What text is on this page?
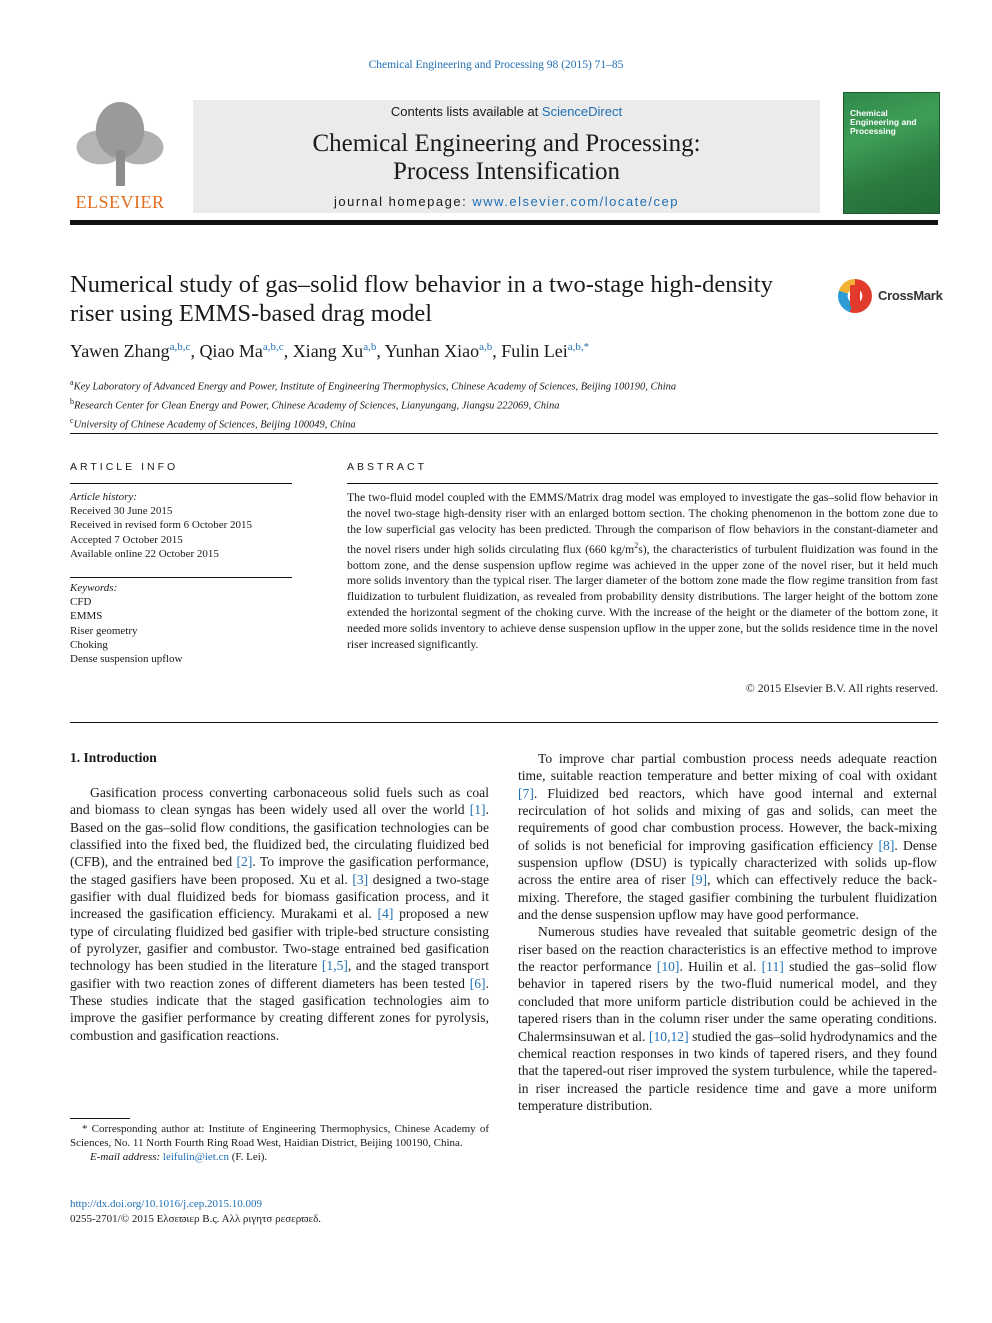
Chemical Engineering and Processing 98 (2015) 71–85
ELSEVIER
Contents lists available at ScienceDirect
Chemical Engineering and Processing:
Process Intensification
journal homepage: www.elsevier.com/locate/cep
Chemical Engineering and Processing
Numerical study of gas–solid flow behavior in a two-stage high-density
riser using EMMS-based drag model
CrossMark
Yawen Zhang$^{a,b,c}$, Qiao Ma$^{a,b,c}$, Xiang Xu$^{a,b}$, Yunhan Xiao$^{a,b}$, Fulin Lei$^{a,b,*}$
$^a$Key Laboratory of Advanced Energy and Power, Institute of Engineering Thermophysics, Chinese Academy of Sciences, Beijing 100190, China
$^b$Research Center for Clean Energy and Power, Chinese Academy of Sciences, Lianyungang, Jiangsu 222069, China
$^c$University of Chinese Academy of Sciences, Beijing 100049, China
ARTICLE INFO	ABSTRACT
Article history:
Received 30 June 2015
Received in revised form 6 October 2015
Accepted 7 October 2015
Available online 22 October 2015
Keywords:
CFD
EMMS
Riser geometry
Choking
Dense suspension upflow
The two-fluid model coupled with the EMMS/Matrix drag model was employed to investigate the gas–solid flow behavior in the novel two-stage high-density riser with an enlarged bottom section. The choking phenomenon in the bottom zone due to the low superficial gas velocity has been predicted. Through the comparison of flow behaviors in the constant-diameter and the novel risers under high solids circulating flux (660 $kg/m^2s$), the characteristics of turbulent fluidization was found in the bottom zone, and the dense suspension upflow regime was achieved in the upper zone of the novel riser, but it held much more solids inventory than the typical riser. The larger diameter of the bottom zone made the flow regime transition from fast fluidization to turbulent fluidization, as revealed from probability density distributions. The larger height of the bottom zone extended the horizontal segment of the choking curve. With the increase of the height or the diameter of the bottom zone, it needed more solids inventory to achieve dense suspension upflow in the upper zone, but the solids residence time in the novel riser increased significantly.
© 2015 Elsevier B.V. All rights reserved.
1. Introduction

Gasification process converting carbonaceous solid fuels such as coal and biomass to clean syngas has been widely used all over the world [1]. Based on the gas–solid flow conditions, the gasification technologies can be classified into the fixed bed, the fluidized bed, the circulating fluidized bed (CFB), and the entrained bed [2]. To improve the gasification performance, the staged gasifiers have been proposed. Xu et al. [3] designed a two-stage gasifier with dual fluidized beds for biomass gasification process, and it increased the gasification efficiency. Murakami et al. [4] proposed a new type of circulating fluidized bed gasifier with triple-bed structure consisting of pyrolyzer, gasifier and combustor. Two-stage entrained bed gasification technology has been studied in the literature [1,5], and the staged transport gasifier with two reaction zones of different diameters has been tested [6]. These studies indicate that the staged gasification technologies aim to improve the gasifier performance by creating different zones for pyrolysis, combustion and gasification reactions.

To improve char partial combustion process needs adequate reaction time, suitable reaction temperature and better mixing of coal with oxidant [7]. Fluidized bed reactors, which have good internal and external recirculation of hot solids and mixing of gas and solids, can meet the requirements of good char combustion process. However, the back-mixing of solids is not beneficial for improving gasification efficiency [8]. Dense suspension upflow (DSU) is typically characterized with solids up-flow across the entire area of riser [9], which can effectively reduce the back-mixing. Therefore, the staged gasifier combining the turbulent fluidization and the dense suspension upflow may have good performance.

Numerous studies have revealed that suitable geometric design of the riser based on the reaction characteristics is an effective method to improve the reactor performance [10]. Huilin et al. [11] studied the gas–solid flow behavior in tapered risers by the two-fluid numerical model, and they concluded that more uniform particle distribution could be achieved in the tapered risers than in the column riser under the same operating conditions. Chalermsinsuwan et al. [10,12] studied the gas–solid hydrodynamics and the chemical reaction responses in two kinds of tapered risers, and they found that the tapered-out riser improved the system turbulence, while the tapered-in riser increased the particle residence time and gave a more uniform temperature distribution.

* Corresponding author at: Institute of Engineering Thermophysics, Chinese Academy of Sciences, No. 11 North Fourth Ring Road West, Haidian District, Beijing 100190, China.
E-mail address: leifulin@iet.cn (F. Lei).
http://dx.doi.org/10.1016/j.cep.2015.10.009
0255-2701/© 2015 Ελσεϖιερ Β.ς. Αλλ ριγητσ ρεσερϖεδ.
